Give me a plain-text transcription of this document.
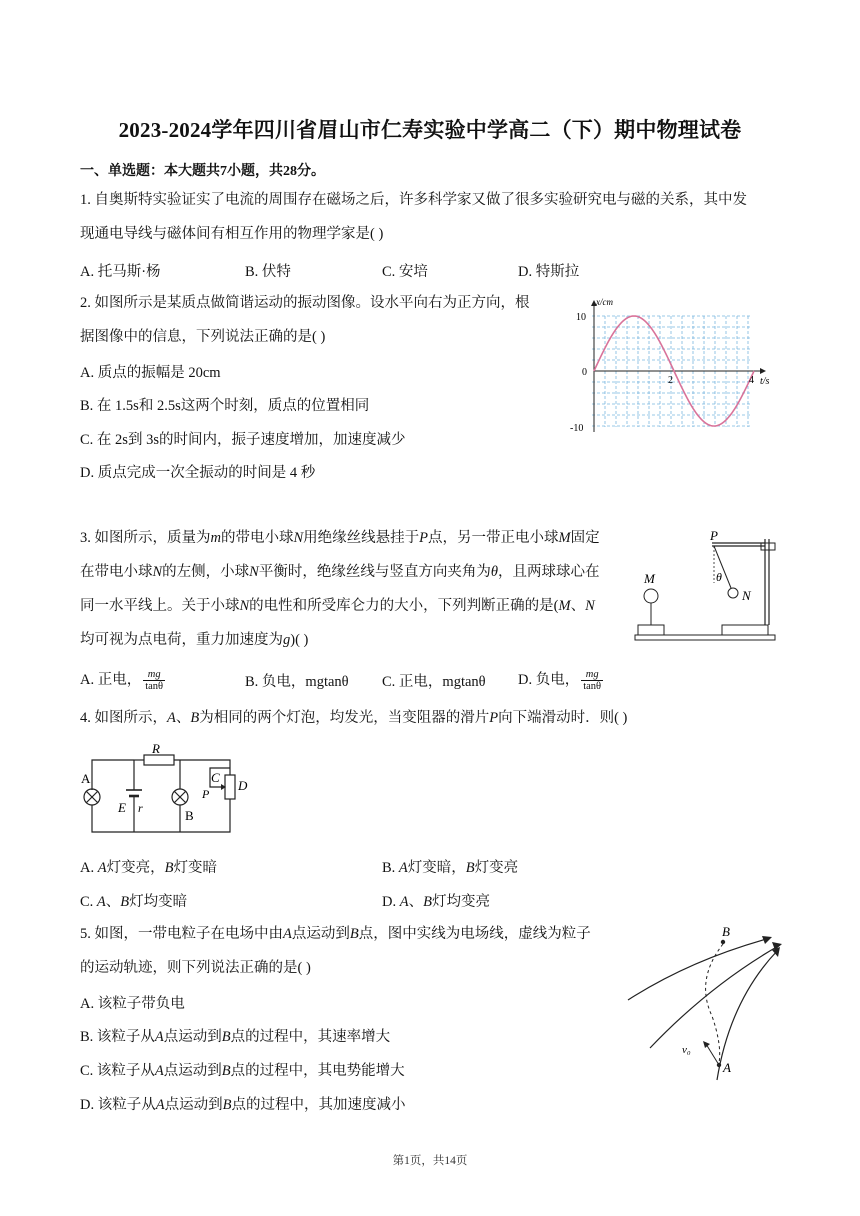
2023-2024学年四川省眉山市仁寿实验中学高二（下）期中物理试卷
一、单选题：本大题共7小题，共28分。
1. 自奥斯特实验证实了电流的周围存在磁场之后，许多科学家又做了很多实验研究电与磁的关系，其中发
现通电导线与磁体间有相互作用的物理学家是( )
A. 托马斯·杨	B. 伏特	C. 安培	D. 特斯拉
2. 如图所示是某质点做简谐运动的振动图像。设水平向右为正方向，根
据图像中的信息，下列说法正确的是( )
A. 质点的振幅是 20cm
B. 在 1.5s和 2.5s这两个时刻，质点的位置相同
C. 在 2s到 3s的时间内，振子速度增加，加速度减少
D. 质点完成一次全振动的时间是 4 秒
x/cm
t/s
10
0
-10
2	4
3. 如图所示，质量为m的带电小球N用绝缘丝线悬挂于P点，另一带正电小球M固定
在带电小球N的左侧，小球N平衡时，绝缘丝线与竖直方向夹角为θ，且两球球心在
同一水平线上。关于小球N的电性和所受库仑力的大小，下列判断正确的是(M、N
均可视为点电荷，重力加速度为g)( )
A. 正电， $\frac{mg}{\tan\theta}$	B. 负电，mgtanθ C. 正电，mgtanθ D. 负电， $\frac{mg}{\tan\theta}$
P
M
N
θ
4. 如图所示，A、B为相同的两个灯泡，均发光，当变阻器的滑片P向下端滑动时．则( )
A
B
R
E r
C
D
P
A. A灯变亮，B灯变暗	B. A灯变暗，B灯变亮
C. A、B灯均变暗	D. A、B灯均变亮
5. 如图，一带电粒子在电场中由A点运动到B点，图中实线为电场线，虚线为粒子
的运动轨迹，则下列说法正确的是( )
A. 该粒子带负电
B. 该粒子从A点运动到B点的过程中，其速率增大
C. 该粒子从A点运动到B点的过程中，其电势能增大
D. 该粒子从A点运动到B点的过程中，其加速度减小
B
A
v₀
第1页，共14页
